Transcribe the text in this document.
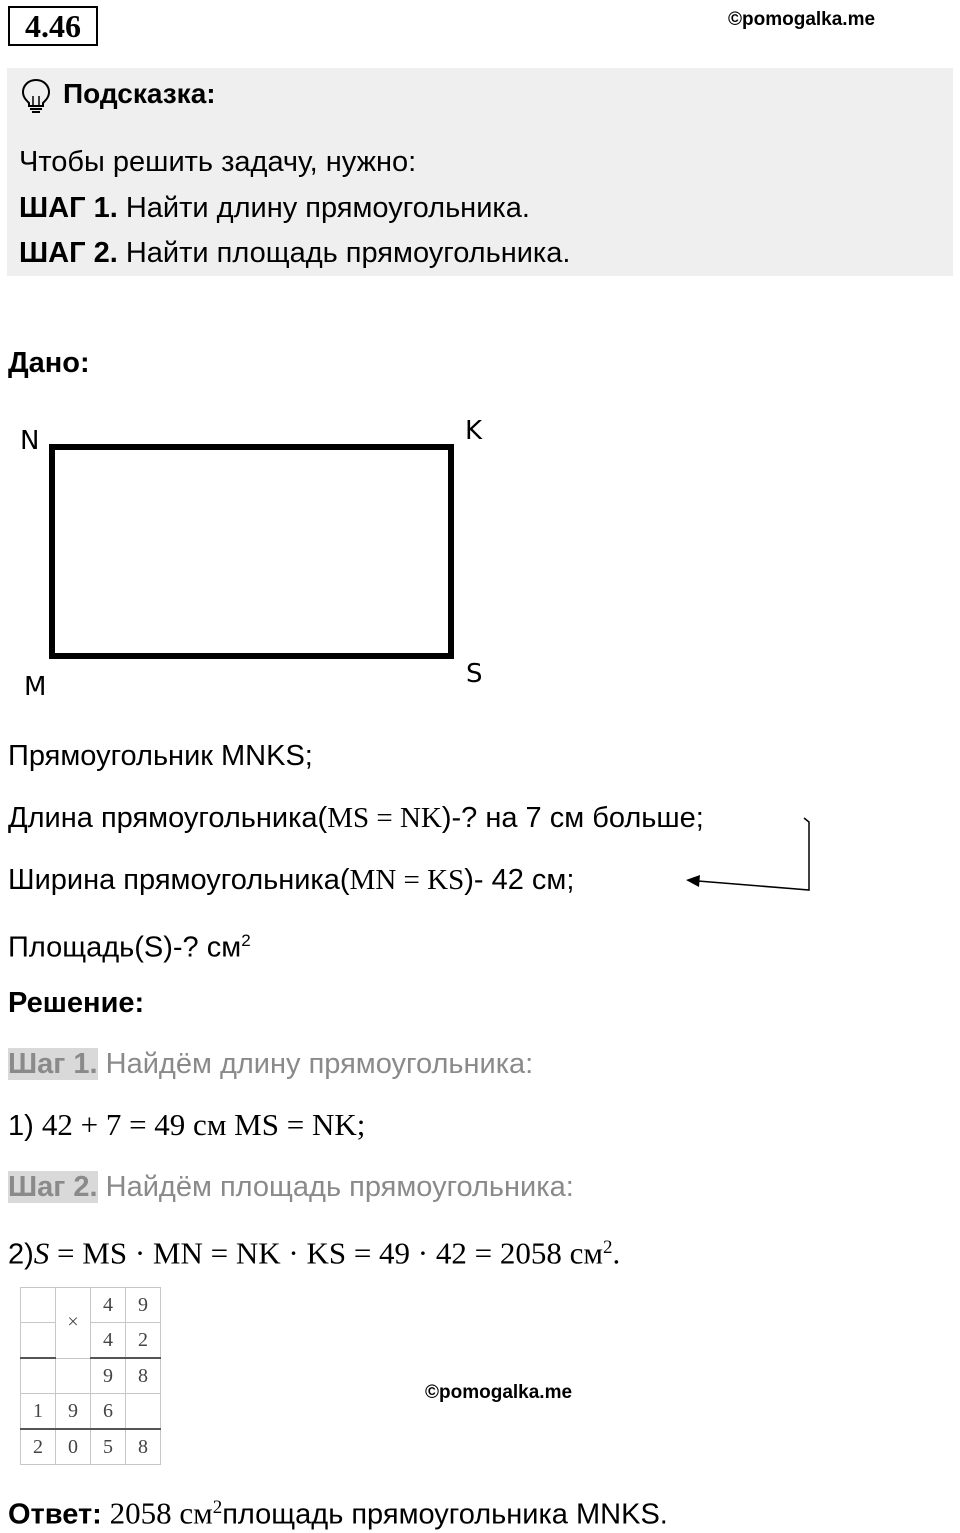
4.46	©pomogalka.me
Подсказка:
Чтобы решить задачу, нужно:
ШАГ 1. Найти длину прямоугольника.
ШАГ 2. Найти площадь прямоугольника.
Дано:
N	K
M	S
Прямоугольник MNKS;
Длина прямоугольника(MS = NK)-? на 7 см больше;
Ширина прямоугольника(MN = KS)- 42 см;
Площадь(S)-? $см^2$
Решение:
Шаг 1. Найдём длину прямоугольника:
1) 42 + 7 = 49 см MS = NK;
Шаг 2. Найдём площадь прямоугольника:
2)S = MS · MN = NK · KS = 49 · 42 = 2058 $см^2$.
	×	4	9
		4	2
		9	8
1	9	6	
2	0	5	8
©pomogalka.me
Ответ: 2058 $см^2площадь$ прямоугольника MNKS.
